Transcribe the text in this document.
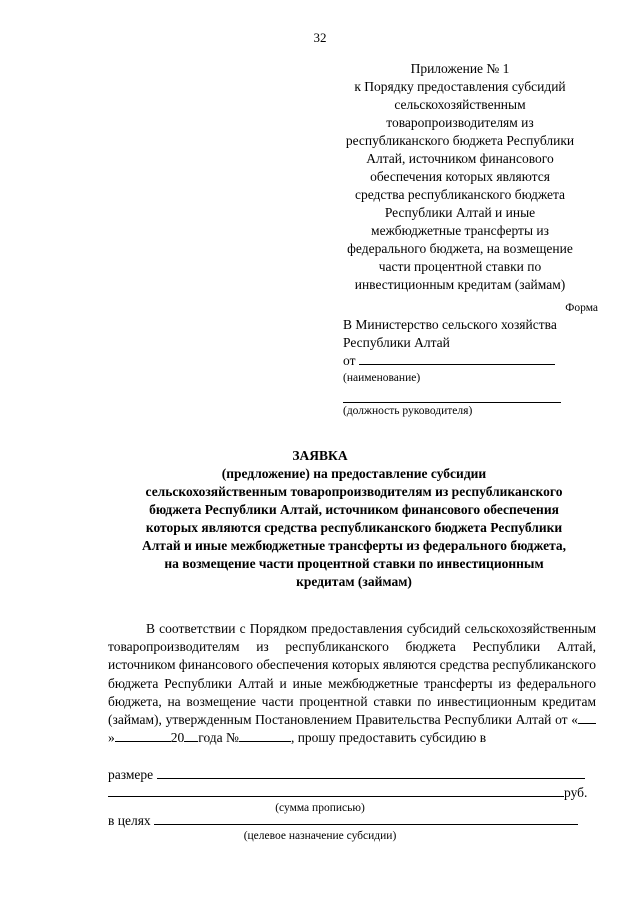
32
Приложение № 1
к Порядку предоставления субсидий
сельскохозяйственным
товаропроизводителям из
республиканского бюджета Республики
Алтай, источником финансового
обеспечения которых являются
средства республиканского бюджета
Республики Алтай и иные
межбюджетные трансферты из
федерального бюджета, на возмещение
части процентной ставки по
инвестиционным кредитам (займам)
Форма
В Министерство сельского хозяйства
Республики Алтай
от
(наименование)
(должность руководителя)
ЗАЯВКА
(предложение) на предоставление субсидии
сельскохозяйственным товаропроизводителям из республиканского
бюджета Республики Алтай, источником финансового обеспечения
которых являются средства республиканского бюджета Республики
Алтай и иные межбюджетные трансферты из федерального бюджета,
на возмещение части процентной ставки по инвестиционным
кредитам (займам)
В соответствии с Порядком предоставления субсидий сельскохозяйственным товаропроизводителям из республиканского бюджета Республики Алтай, источником финансового обеспечения которых являются средства республиканского бюджета Республики Алтай и иные межбюджетные трансферты из федерального бюджета, на возмещение части процентной ставки по инвестиционным кредитам (займам), утвержденным Постановлением Правительства Республики Алтай от «»	20 года №	, прошу предоставить субсидию в
размере
руб.
(сумма прописью)
в целях
(целевое назначение субсидии)
